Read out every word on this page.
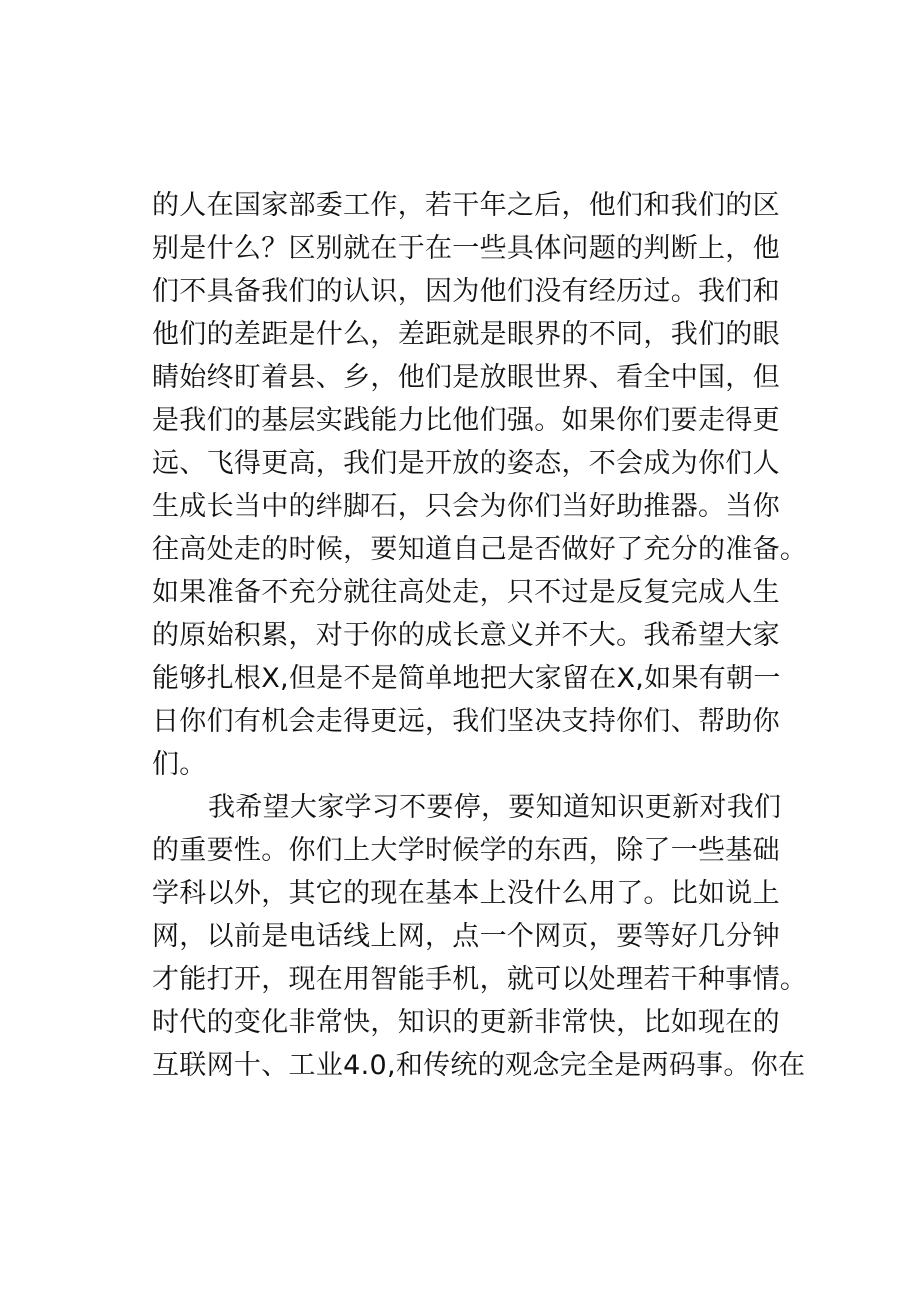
的人在国家部委工作，若干年之后，他们和我们的区
别是什么？区别就在于在一些具体问题的判断上，他
们不具备我们的认识，因为他们没有经历过。我们和
他们的差距是什么，差距就是眼界的不同，我们的眼
睛始终盯着县、乡，他们是放眼世界、看全中国，但
是我们的基层实践能力比他们强。如果你们要走得更
远、飞得更高，我们是开放的姿态，不会成为你们人
生成长当中的绊脚石，只会为你们当好助推器。当你
往高处走的时候，要知道自己是否做好了充分的准备。
如果准备不充分就往高处走，只不过是反复完成人生
的原始积累，对于你的成长意义并不大。我希望大家
能够扎根X,但是不是简单地把大家留在X,如果有朝一
日你们有机会走得更远，我们坚决支持你们、帮助你
们。
我希望大家学习不要停，要知道知识更新对我们
的重要性。你们上大学时候学的东西，除了一些基础
学科以外，其它的现在基本上没什么用了。比如说上
网，以前是电话线上网，点一个网页，要等好几分钟
才能打开，现在用智能手机，就可以处理若干种事情。
时代的变化非常快，知识的更新非常快，比如现在的
互联网十、工业4.0,和传统的观念完全是两码事。你在
